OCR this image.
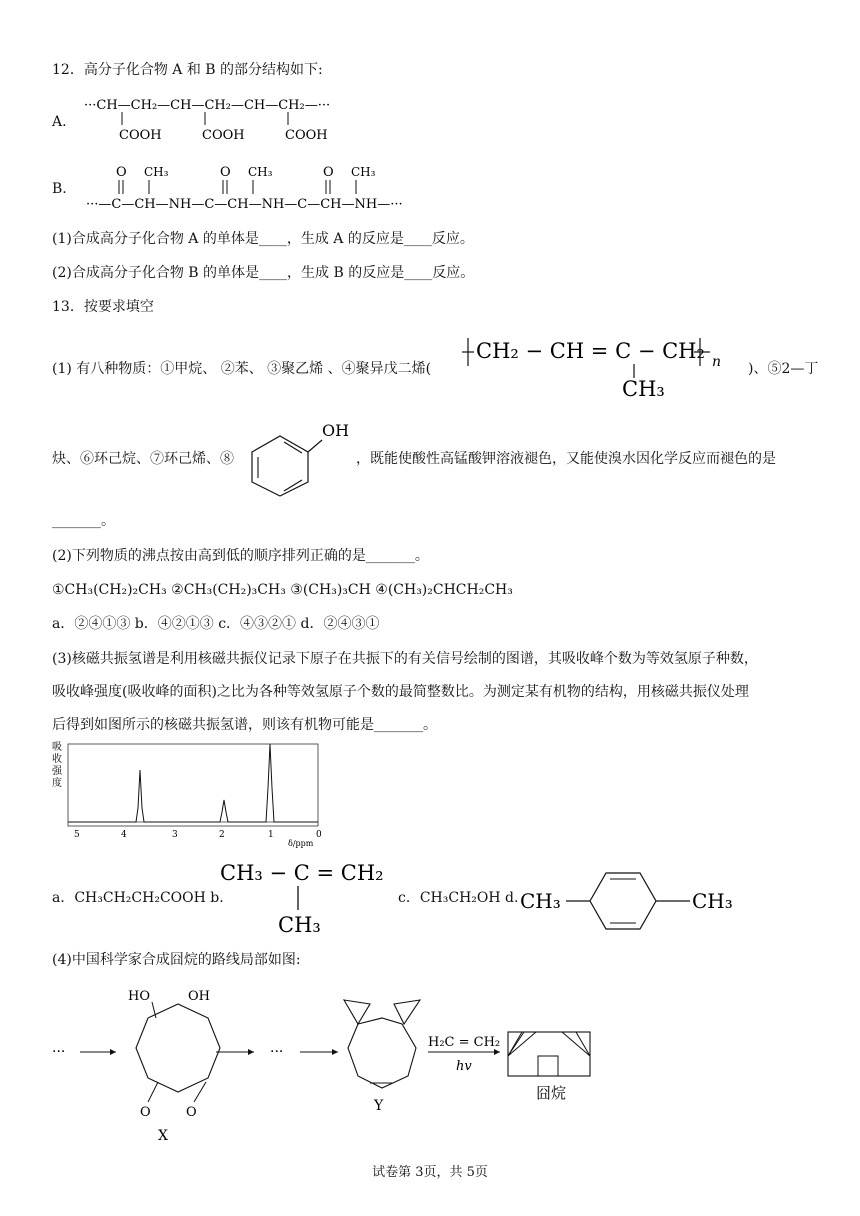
12．高分子化合物 A 和 B 的部分结构如下:
A.
···CH—CH₂—CH—CH₂—CH—CH₂—···
COOH	COOH	COOH
B.
O CH₃	O CH₃	O CH₃
···—C—CH—NH—C—CH—NH—C—CH—NH—···
(1)合成高分子化合物 A 的单体是____，生成 A 的反应是____反应。
(2)合成高分子化合物 B 的单体是____，生成 B 的反应是____反应。
13．按要求填空
(1) 有八种物质：①甲烷、 ②苯、 ③聚乙烯 、④聚异戊二烯(
CH₂ − CH = C − CH₂ n
CH₃
)、⑤2—丁
炔、⑥环己烷、⑦环己烯、⑧
OH
，既能使酸性高锰酸钾溶液褪色，又能使溴水因化学反应而褪色的是
_______。
(2)下列物质的沸点按由高到低的顺序排列正确的是_______。
①CH₃(CH₂)₂CH₃ ②CH₃(CH₂)₃CH₃ ③(CH₃)₃CH ④(CH₃)₂CHCH₂CH₃
a．②④①③ b．④②①③ c．④③②① d．②④③①
(3)核磁共振氢谱是利用核磁共振仪记录下原子在共振下的有关信号绘制的图谱，其吸收峰个数为等效氢原子种数，
吸收峰强度(吸收峰的面积)之比为各种等效氢原子个数的最简整数比。为测定某有机物的结构，用核磁共振仪处理
后得到如图所示的核磁共振氢谱，则该有机物可能是_______。
吸
收
强
度
5	4	3	2	1	0
δ/ppm
a．CH₃CH₂CH₂COOH b.
CH₃ − C = CH₂
CH₃
c．CH₃CH₂OH d. CH₃	CH₃
(4)中国科学家合成囧烷的路线局部如图:
···
HO	OH
O	O
X
···
Y
H₂C = CH₂
hv
囧烷
试卷第 3页，共 5页
